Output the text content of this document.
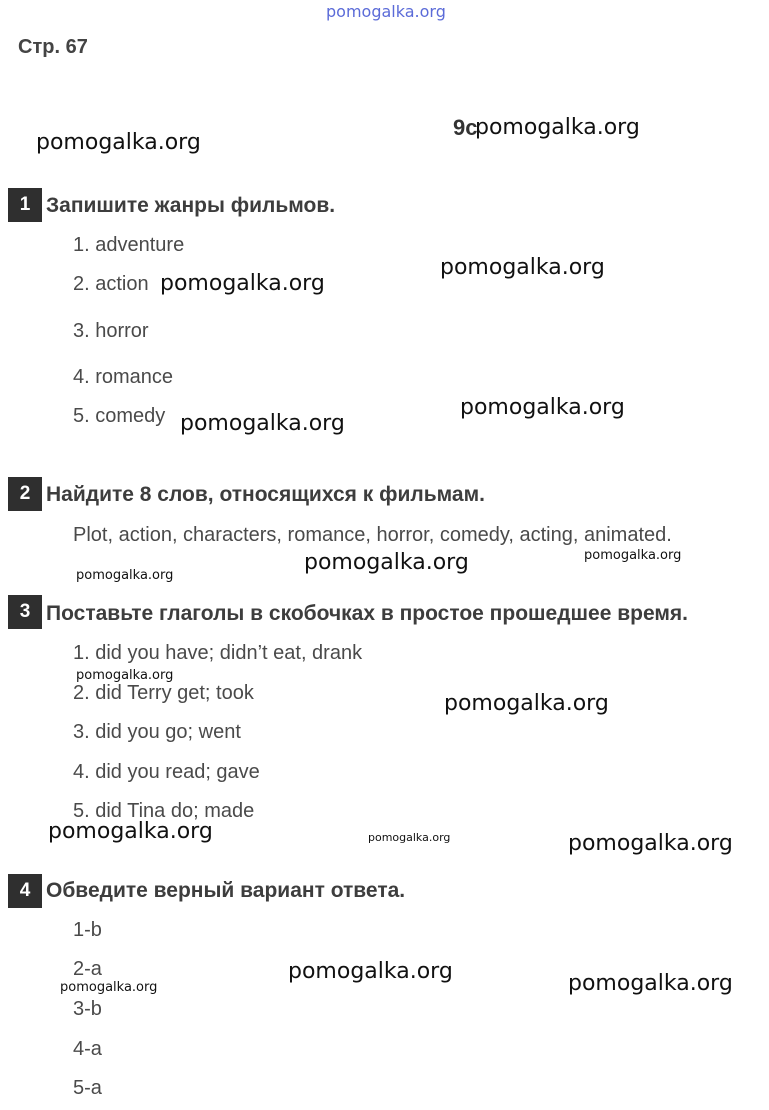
pomogalka.org
Стр. 67
9с
1 Запишите жанры фильмов.
1. adventure
2. action
3. horror
4. romance
5. comedy
2 Найдите 8 слов, относящихся к фильмам.
Plot, action, characters, romance, horror, comedy, acting, animated.
3 Поставьте глаголы в скобочках в простое прошедшее время.
1. did you have; didn’t eat, drank
2. did Terry get; took
3. did you go; went
4. did you read; gave
5. did Tina do; made
4 Обведите верный вариант ответа.
1-b
2-a
3-b
4-a
5-a
pomogalka.org
pomogalka.org
pomogalka.org
pomogalka.org
pomogalka.org
pomogalka.org
pomogalka.org
pomogalka.org
pomogalka.org
pomogalka.org
pomogalka.org
pomogalka.org	pomogalka.org	pomogalka.org
pomogalka.org	pomogalka.org
pomogalka.org
